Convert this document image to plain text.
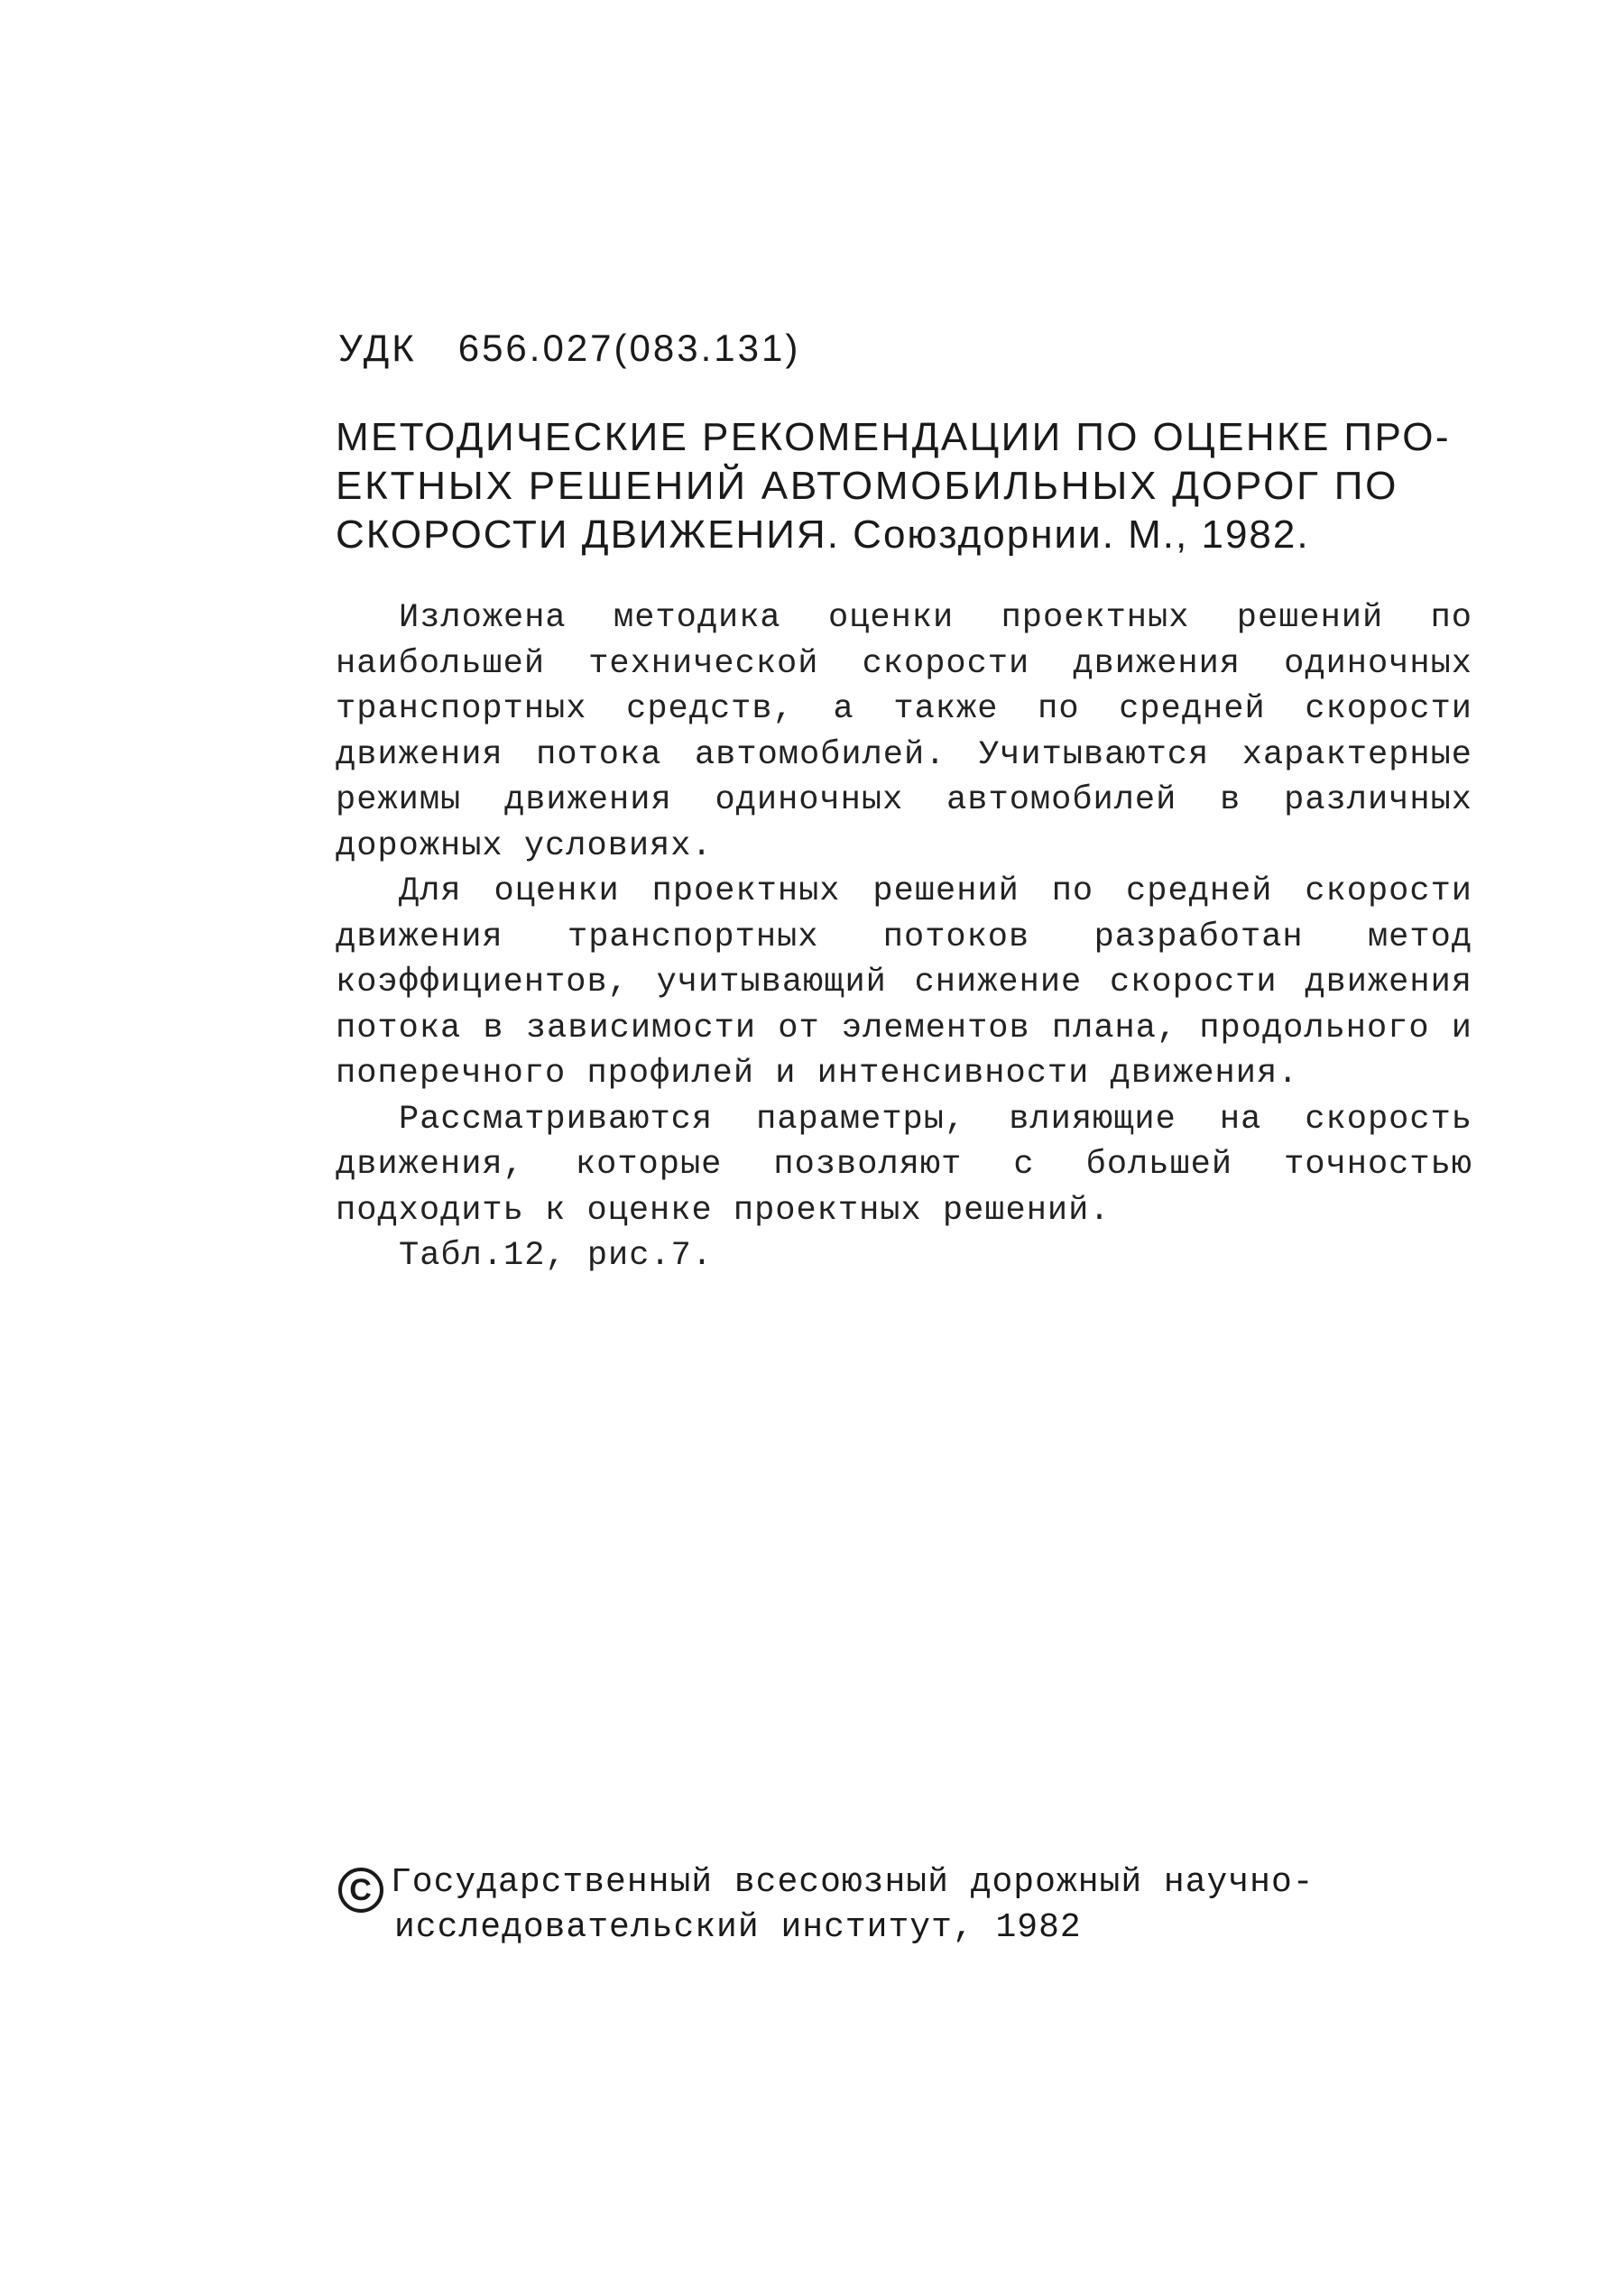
УДК 656.027(083.131)
МЕТОДИЧЕСКИЕ РЕКОМЕНДАЦИИ ПО ОЦЕНКЕ ПРО-
ЕКТНЫХ РЕШЕНИЙ АВТОМОБИЛЬНЫХ ДОРОГ ПО
СКОРОСТИ ДВИЖЕНИЯ. Союздорнии. М., 1982.

Изложена методика оценки проектных решений по наибольшей технической скорости движения одиночных транспортных средств, а также по средней скорости движения потока автомобилей. Учитываются характерные режимы движения одиночных автомобилей в различных дорожных условиях.

Для оценки проектных решений по средней скорости движения транспортных потоков разработан метод коэффициентов, учитывающий снижение скорости движения потока в зависимости от элементов плана, продольного и поперечного профилей и интенсивности движения.

Рассматриваются параметры, влияющие на скорость движения, которые позволяют с большей точностью подходить к оценке проектных решений.

Табл.12, рис.7.

C Государственный всесоюзный дорожный научно-
исследовательский институт, 1982
